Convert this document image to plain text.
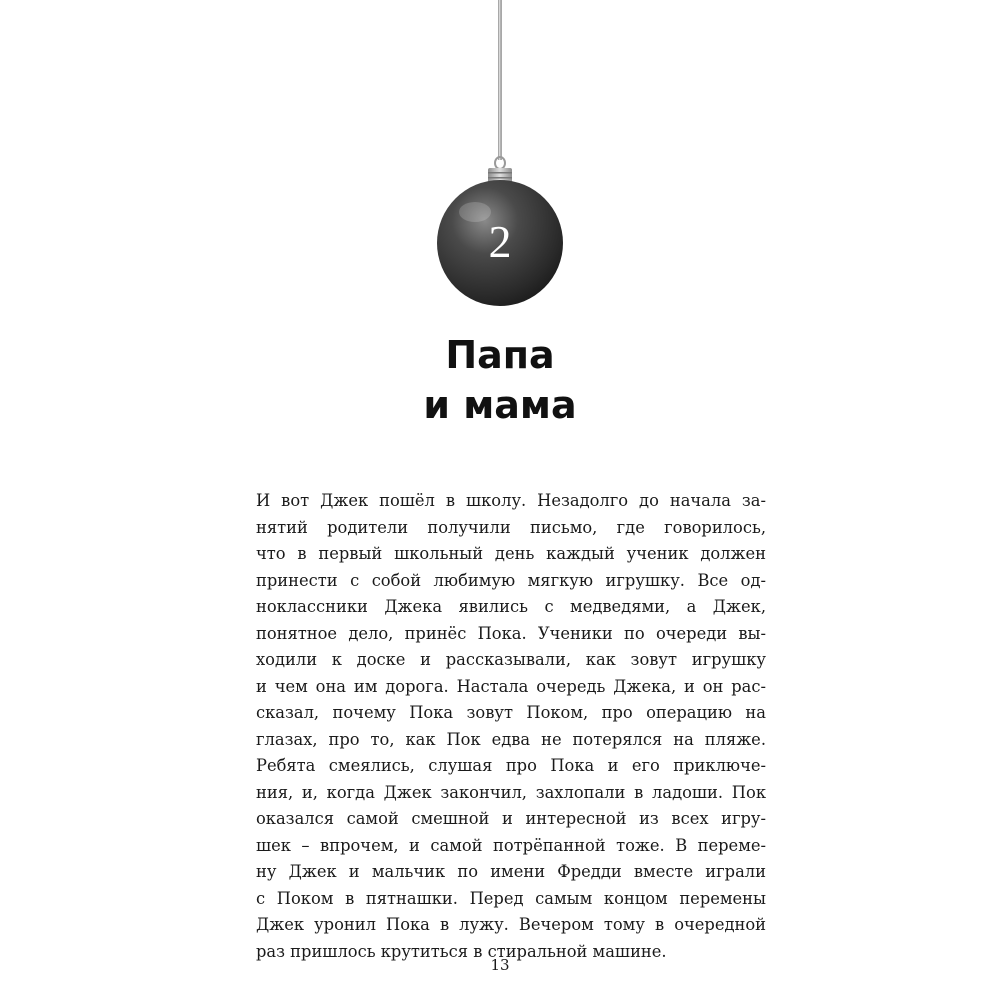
2
Папа
и мама
И вот Джек пошёл в школу. Незадолго до начала за-
нятий родители получили письмо, где говорилось,
что в первый школьный день каждый ученик должен
принести с собой любимую мягкую игрушку. Все од-
ноклассники Джека явились с медведями, а Джек,
понятное дело, принёс Пока. Ученики по очереди вы-
ходили к доске и рассказывали, как зовут игрушку
и чем она им дорога. Настала очередь Джека, и он рас-
сказал, почему Пока зовут Поком, про операцию на
глазах, про то, как Пок едва не потерялся на пляже.
Ребята смеялись, слушая про Пока и его приключе-
ния, и, когда Джек закончил, захлопали в ладоши. Пок
оказался самой смешной и интересной из всех игру-
шек – впрочем, и самой потрёпанной тоже. В переме-
ну Джек и мальчик по имени Фредди вместе играли
с Поком в пятнашки. Перед самым концом перемены
Джек уронил Пока в лужу. Вечером тому в очередной
раз пришлось крутиться в стиральной машине.
13
